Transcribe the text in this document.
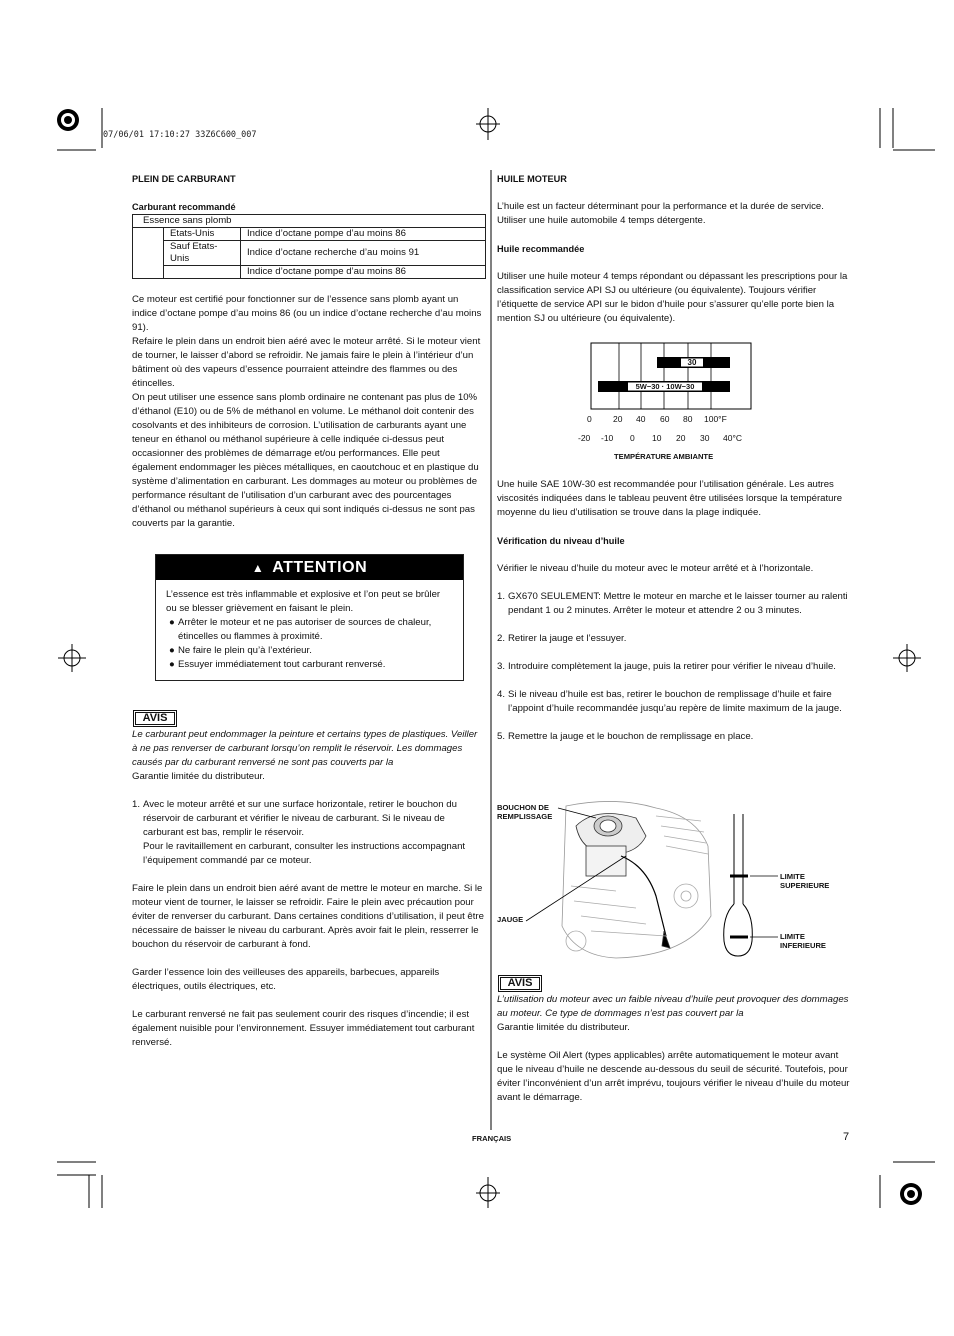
07/06/01 17:10:27 33Z6C600_007

PLEIN DE CARBURANT

Carburant recommandé

Essence sans plomb		
	Etats-Unis	Indice d’octane pompe d’au moins 86
	Sauf Etats-Unis	Indice d’octane recherche d’au moins 91
		Indice d’octane pompe d’au moins 86

Ce moteur est certifié pour fonctionner sur de l’essence sans plomb ayant un indice d’octane pompe d’au moins 86 (ou un indice d’octane recherche d’au moins 91).

Refaire le plein dans un endroit bien aéré avec le moteur arrêté. Si le moteur vient de tourner, le laisser d’abord se refroidir. Ne jamais faire le plein à l’intérieur d’un bâtiment où des vapeurs d’essence pourraient atteindre des flammes ou des étincelles.

On peut utiliser une essence sans plomb ordinaire ne contenant pas plus de 10% d’éthanol (E10) ou de 5% de méthanol en volume. Le méthanol doit contenir des cosolvants et des inhibiteurs de corrosion. L’utilisation de carburants ayant une teneur en éthanol ou méthanol supérieure à celle indiquée ci-dessus peut occasionner des problèmes de démarrage et/ou performances. Elle peut également endommager les pièces métalliques, en caoutchouc et en plastique du système d’alimentation en carburant. Les dommages au moteur ou problèmes de performance résultant de l’utilisation d’un carburant avec des pourcentages d’éthanol ou méthanol supérieurs à ceux qui sont indiqués ci-dessus ne sont pas couverts par la garantie.

▲ ATTENTION

L’essence est très inflammable et explosive et l’on peut se brûler ou se blesser grièvement en faisant le plein.

● Arrêter le moteur et ne pas autoriser de sources de chaleur, étincelles ou flammes à proximité.
● Ne faire le plein qu’à l’extérieur.
● Essuyer immédiatement tout carburant renversé.
AVIS

Le carburant peut endommager la peinture et certains types de plastiques. Veiller à ne pas renverser de carburant lorsqu’on remplit le réservoir. Les dommages causés par du carburant renversé ne sont pas couverts par la
Garantie limitée du distributeur.

1. Avec le moteur arrêté et sur une surface horizontale, retirer le bouchon du réservoir de carburant et vérifier le niveau de carburant. Si le niveau de carburant est bas, remplir le réservoir.

Pour le ravitaillement en carburant, consulter les instructions accompagnant l’équipement commandé par ce moteur.

Faire le plein dans un endroit bien aéré avant de mettre le moteur en marche. Si le moteur vient de tourner, le laisser se refroidir. Faire le plein avec précaution pour éviter de renverser du carburant. Dans certaines conditions d’utilisation, il peut être nécessaire de baisser le niveau du carburant. Après avoir fait le plein, resserrer le bouchon du réservoir de carburant à fond.

Garder l’essence loin des veilleuses des appareils, barbecues, appareils électriques, outils électriques, etc.

Le carburant renversé ne fait pas seulement courir des risques d’incendie; il est également nuisible pour l’environnement. Essuyer immédiatement tout carburant renversé.

HUILE MOTEUR

L’huile est un facteur déterminant pour la performance et la durée de service. Utiliser une huile automobile 4 temps détergente.

Huile recommandée

Utiliser une huile moteur 4 temps répondant ou dépassant les prescriptions pour la classification service API SJ ou ultérieure (ou équivalente). Toujours vérifier l’étiquette de service API sur le bidon d’huile pour s’assurer qu’elle porte bien la mention SJ ou ultérieure (ou équivalente).

30
5W−30 · 10W−30
0	20 40 60 80 100°F
-20 -10 0 10 20 30 40°C
TEMPÉRATURE AMBIANTE

Une huile SAE 10W-30 est recommandée pour l’utilisation générale. Les autres viscosités indiquées dans le tableau peuvent être utilisées lorsque la température moyenne du lieu d’utilisation se trouve dans la plage indiquée.

Vérification du niveau d’huile

Vérifier le niveau d’huile du moteur avec le moteur arrêté et à l’horizontale.

1. GX670 SEULEMENT: Mettre le moteur en marche et le laisser tourner au ralenti pendant 1 ou 2 minutes. Arrêter le moteur et attendre 2 ou 3 minutes.
2. Retirer la jauge et l’essuyer.
3. Introduire complètement la jauge, puis la retirer pour vérifier le niveau d’huile.
4. Si le niveau d’huile est bas, retirer le bouchon de remplissage d’huile et faire l’appoint d’huile recommandée jusqu’au repère de limite maximum de la jauge.
5. Remettre la jauge et le bouchon de remplissage en place.
BOUCHON DE
REMPLISSAGE
JAUGE
LIMITE
SUPERIEURE
LIMITE
INFERIEURE
AVIS

L’utilisation du moteur avec un faible niveau d’huile peut provoquer des dommages au moteur. Ce type de dommages n’est pas couvert par la
Garantie limitée du distributeur.

Le système Oil Alert (types applicables) arrête automatiquement le moteur avant que le niveau d’huile ne descende au-dessous du seuil de sécurité. Toutefois, pour éviter l’inconvénient d’un arrêt imprévu, toujours vérifier le niveau d’huile du moteur avant le démarrage.

FRANÇAIS	7
